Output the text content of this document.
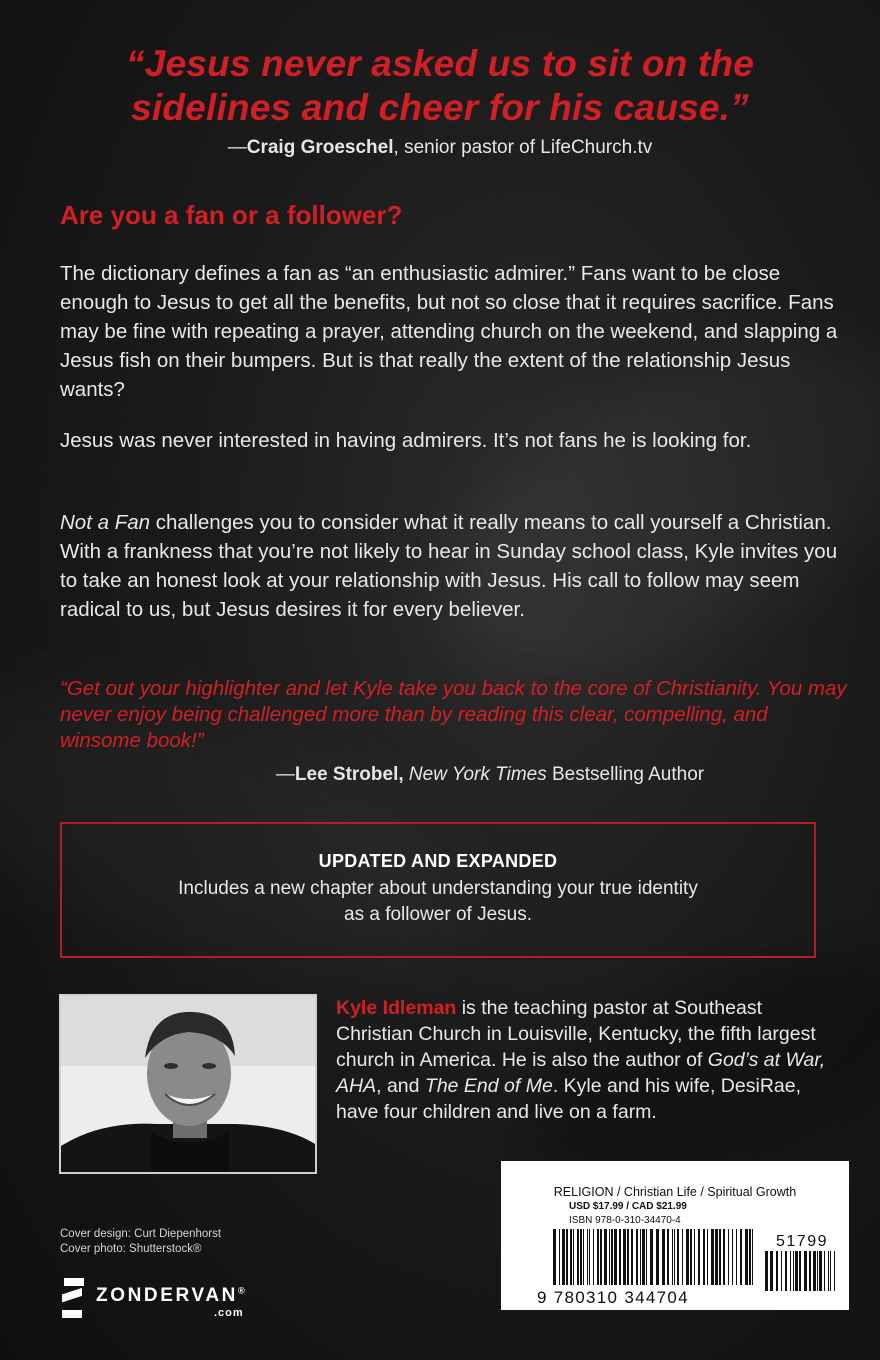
“Jesus never asked us to sit on the
sidelines and cheer for his cause.”
—Craig Groeschel, senior pastor of LifeChurch.tv
Are you a fan or a follower?

The dictionary defines a fan as “an enthusiastic admirer.” Fans want to be close enough to Jesus to get all the benefits, but not so close that it requires sacrifice. Fans may be fine with repeating a prayer, attending church on the weekend, and slapping a Jesus fish on their bumpers. But is that really the extent of the relationship Jesus wants?

Jesus was never interested in having admirers. It’s not fans he is looking for.

Not a Fan challenges you to consider what it really means to call yourself a Christian. With a frankness that you’re not likely to hear in Sunday school class, Kyle invites you to take an honest look at your relationship with Jesus. His call to follow may seem radical to us, but Jesus desires it for every believer.

“Get out your highlighter and let Kyle take you back to the core of Christianity. You may never enjoy being challenged more than by reading this clear, compelling, and winsome book!”
—Lee Strobel, New York Times Bestselling Author
UPDATED AND EXPANDED
Includes a new chapter about understanding your true identity as a follower of Jesus.
Kyle Idleman is the teaching pastor at Southeast Christian Church in Louisville, Kentucky, the fifth largest church in America. He is also the author of God’s at War, AHA, and The End of Me. Kyle and his wife, DesiRae, have four children and live on a farm.
RELIGION / Christian Life / Spiritual Growth
USD $17.99 / CAD $21.99
ISBN 978-0-310-34470-4
51799
9 780310 344704
Cover design: Curt Diepenhorst
Cover photo: Shutterstock®
ZONDERVAN®
.com
